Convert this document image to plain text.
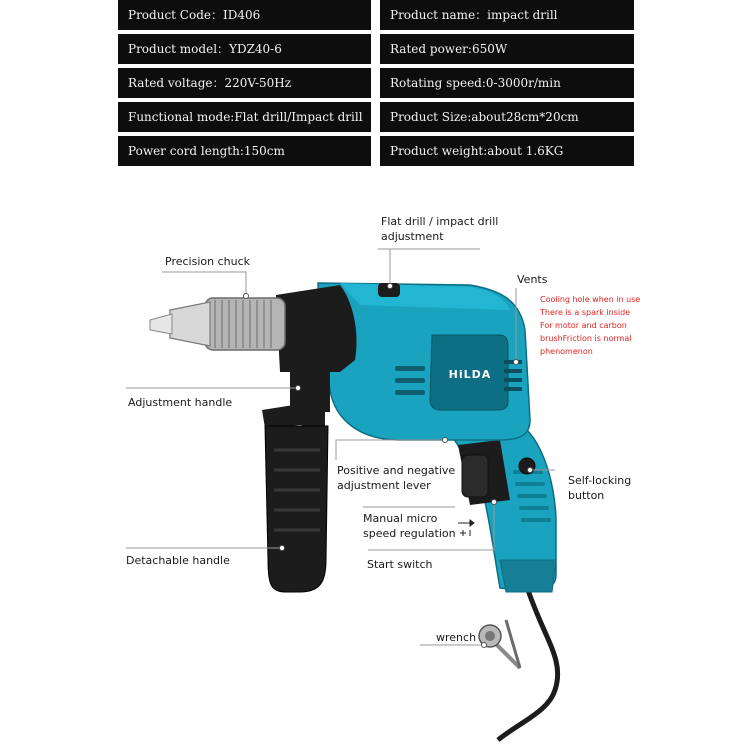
Product Code：ID406	Product name：impact drill
Product model：YDZ40-6	Rated power:650W
Rated voltage：220V-50Hz	Rotating speed:0-3000r/min
Functional mode:Flat drill/Impact drill	Product Size:about28cm*20cm
Power cord length:150cm	Product weight:about 1.6KG
HiLDA
Flat drill / impact drill
adjustment
Precision chuck
Vents
Cooling hole when in use
There is a spark inside
For motor and carbon
brushFriction is normal
phenomenon
Adjustment handle
Positive and negative
adjustment lever	Self-locking
button
Manual micro
speed regulation
Detachable handle	Start switch
wrench
